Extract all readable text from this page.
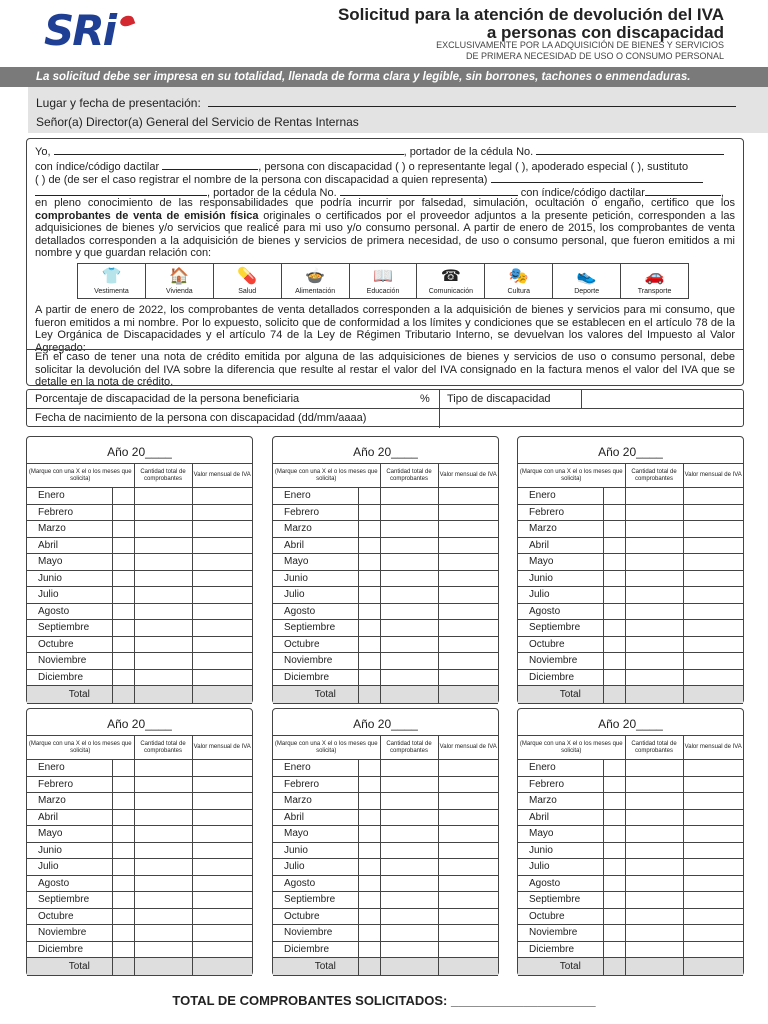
SRi	Solicitud para la atención de devolución del IVA
a personas con discapacidad
EXCLUSIVAMENTE POR LA ADQUISICIÓN DE BIENES Y SERVICIOS
DE PRIMERA NECESIDAD DE USO O CONSUMO PERSONAL
La solicitud debe ser impresa en su totalidad, llenada de forma clara y legible, sin borrones, tachones o enmendaduras.
Lugar y fecha de presentación:
Señor(a) Director(a) General del Servicio de Rentas Internas

Yo,	, portador de la cédula No.

con índice/código dactilar	, persona con discapacidad ( ) o representante legal ( ), apoderado especial ( ), sustituto

( ) de (de ser el caso registrar el nombre de la persona con discapacidad a quien representa)

, portador de la cédula No.	con índice/código dactilar	,

en pleno conocimiento de las responsabilidades que podría incurrir por falsedad, simulación, ocultación o engaño, certifico que los comprobantes de venta de emisión física originales o certificados por el proveedor adjuntos a la presente petición, corresponden a las adquisiciones de bienes y/o servicios que realicé para mi uso y/o consumo personal. A partir de enero de 2015, los comprobantes de venta detallados corresponden a la adquisición de bienes y servicios de primera necesidad, de uso o consumo personal, que fueron emitidos a mi nombre y que guardan relación con:

👕
Vestimenta
🏠
Vivienda
💊
Salud
🍲
Alimentación
📖
Educación
☎
Comunicación
🎭
Cultura
👟
Deporte
🚗
Transporte

A partir de enero de 2022, los comprobantes de venta detallados corresponden a la adquisición de bienes y servicios para mi consumo, que fueron emitidos a mi nombre. Por lo expuesto, solicito que de conformidad a los límites y condiciones que se establecen en el artículo 78 de la Ley Orgánica de Discapacidades y el artículo 74 de la Ley de Régimen Tributario Interno, se devuelvan los valores del Impuesto al Valor Agregado:

En el caso de tener una nota de crédito emitida por alguna de las adquisiciones de bienes y servicios de uso o consumo personal, debe solicitar la devolución del IVA sobre la diferencia que resulte al restar el valor del IVA consignado en la factura menos el valor del IVA que se detalle en la nota de crédito.

Porcentaje de discapacidad de la persona beneficiaria	% Tipo de discapacidad
Fecha de nacimiento de la persona con discapacidad (dd/mm/aaaa)
Año 20____
(Marque con una X el o los meses que solicita)		Cantidad total de comprobantes	Valor mensual de IVA
Enero			
Febrero			
Marzo			
Abril			
Mayo			
Junio			
Julio			
Agosto			
Septiembre			
Octubre			
Noviembre			
Diciembre			
Total			
Año 20____
(Marque con una X el o los meses que solicita)		Cantidad total de comprobantes	Valor mensual de IVA
Enero			
Febrero			
Marzo			
Abril			
Mayo			
Junio			
Julio			
Agosto			
Septiembre			
Octubre			
Noviembre			
Diciembre			
Total			
Año 20____
(Marque con una X el o los meses que solicita)		Cantidad total de comprobantes	Valor mensual de IVA
Enero			
Febrero			
Marzo			
Abril			
Mayo			
Junio			
Julio			
Agosto			
Septiembre			
Octubre			
Noviembre			
Diciembre			
Total			
Año 20____
(Marque con una X el o los meses que solicita)		Cantidad total de comprobantes	Valor mensual de IVA
Enero			
Febrero			
Marzo			
Abril			
Mayo			
Junio			
Julio			
Agosto			
Septiembre			
Octubre			
Noviembre			
Diciembre			
Total			
Año 20____
(Marque con una X el o los meses que solicita)		Cantidad total de comprobantes	Valor mensual de IVA
Enero			
Febrero			
Marzo			
Abril			
Mayo			
Junio			
Julio			
Agosto			
Septiembre			
Octubre			
Noviembre			
Diciembre			
Total			
Año 20____
(Marque con una X el o los meses que solicita)		Cantidad total de comprobantes	Valor mensual de IVA
Enero			
Febrero			
Marzo			
Abril			
Mayo			
Junio			
Julio			
Agosto			
Septiembre			
Octubre			
Noviembre			
Diciembre			
Total			
TOTAL DE COMPROBANTES SOLICITADOS: ____________________
